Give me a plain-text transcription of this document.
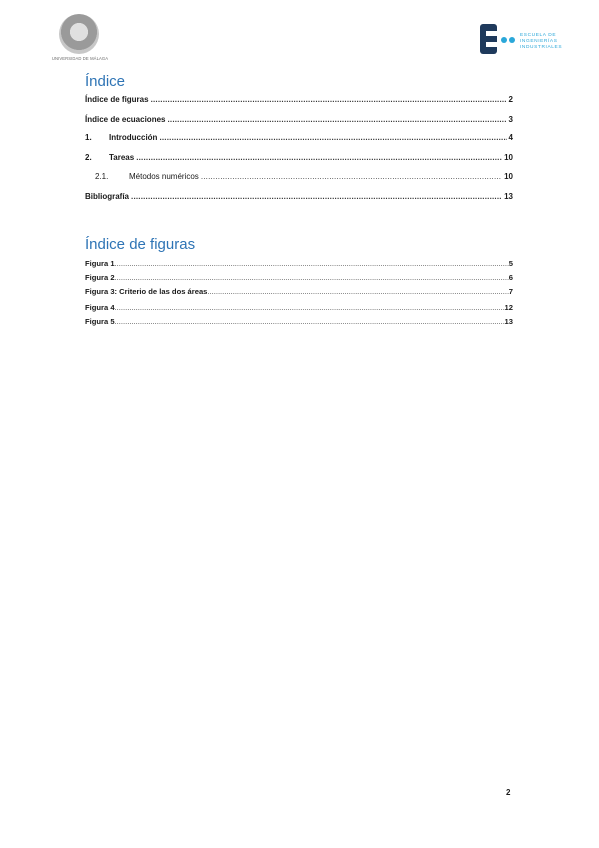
UNIVERSIDAD DE MÁLAGA
ESCUELA DE
INGENIERÍAS
INDUSTRIALES
Índice
Índice de figuras .....	2
Índice de ecuaciones .....	3
1.	Introducción .....	4
2.	Tareas .....	10
2.1.	Métodos numéricos .....	10
Bibliografía .....	13
Índice de figuras
Figura 1 .....	5
Figura 2 .....	6
Figura 3: Criterio de las dos áreas .....	7
Figura 4 .....	12
Figura 5 .....	13
2
